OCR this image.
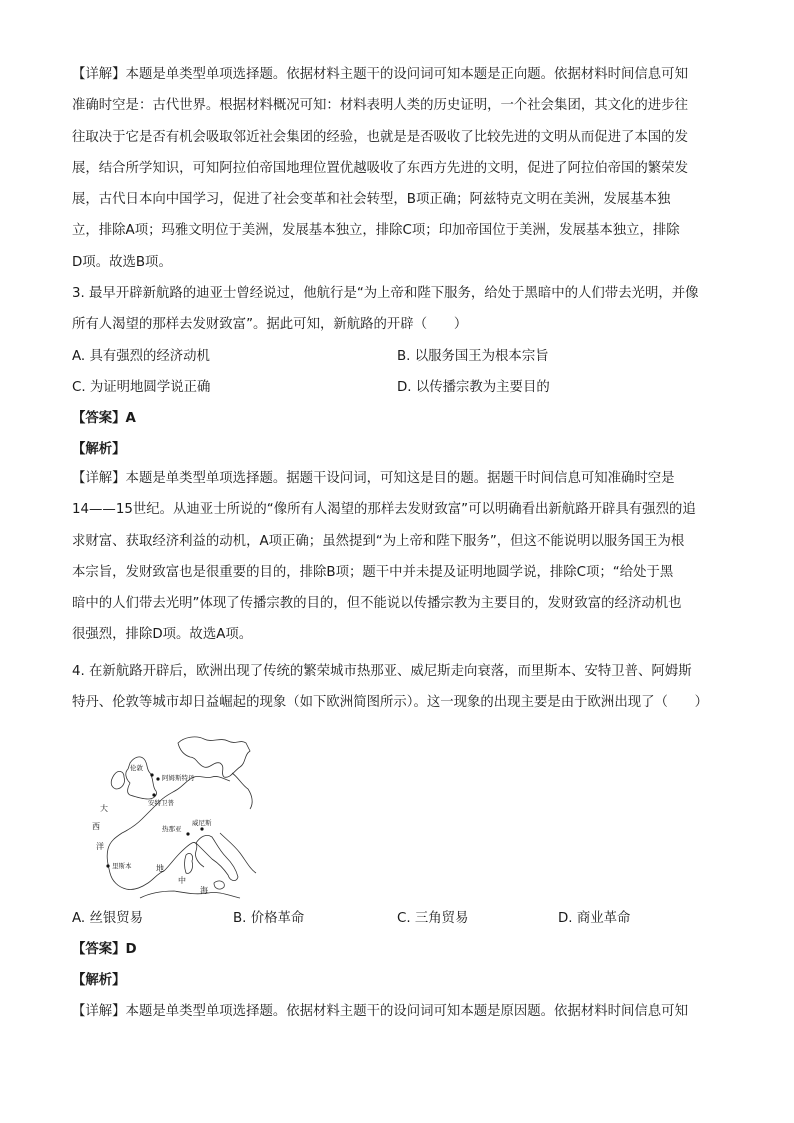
【详解】本题是单类型单项选择题。依据材料主题干的设问词可知本题是正向题。依据材料时间信息可知
准确时空是：古代世界。根据材料概况可知：材料表明人类的历史证明，一个社会集团，其文化的进步往
往取决于它是否有机会吸取邻近社会集团的经验，也就是是否吸收了比较先进的文明从而促进了本国的发
展，结合所学知识，可知阿拉伯帝国地理位置优越吸收了东西方先进的文明，促进了阿拉伯帝国的繁荣发
展，古代日本向中国学习，促进了社会变革和社会转型，B项正确；阿兹特克文明在美洲，发展基本独
立，排除A项；玛雅文明位于美洲，发展基本独立，排除C项；印加帝国位于美洲，发展基本独立，排除
D项。故选B项。
3. 最早开辟新航路的迪亚士曾经说过，他航行是“为上帝和陛下服务，给处于黑暗中的人们带去光明，并像
所有人渴望的那样去发财致富”。据此可知，新航路的开辟（　　）
A. 具有强烈的经济动机	B. 以服务国王为根本宗旨
C. 为证明地圆学说正确	D. 以传播宗教为主要目的
【答案】A
【解析】
【详解】本题是单类型单项选择题。据题干设问词，可知这是目的题。据题干时间信息可知准确时空是
14——15世纪。从迪亚士所说的“像所有人渴望的那样去发财致富”可以明确看出新航路开辟具有强烈的追
求财富、获取经济利益的动机，A项正确；虽然提到“为上帝和陛下服务”，但这不能说明以服务国王为根
本宗旨，发财致富也是很重要的目的，排除B项；题干中并未提及证明地圆学说，排除C项；“给处于黑
暗中的人们带去光明”体现了传播宗教的目的，但不能说以传播宗教为主要目的，发财致富的经济动机也
很强烈，排除D项。故选A项。
4. 在新航路开辟后，欧洲出现了传统的繁荣城市热那亚、威尼斯走向衰落，而里斯本、安特卫普、阿姆斯
特丹、伦敦等城市却日益崛起的现象（如下欧洲简图所示）。这一现象的出现主要是由于欧洲出现了（　　）
伦敦
阿姆斯特丹
安特卫普
热那亚
威尼斯
里斯本
大
西
洋
地
中
海
A. 丝银贸易	B. 价格革命	C. 三角贸易	D. 商业革命
【答案】D
【解析】
【详解】本题是单类型单项选择题。依据材料主题干的设问词可知本题是原因题。依据材料时间信息可知
